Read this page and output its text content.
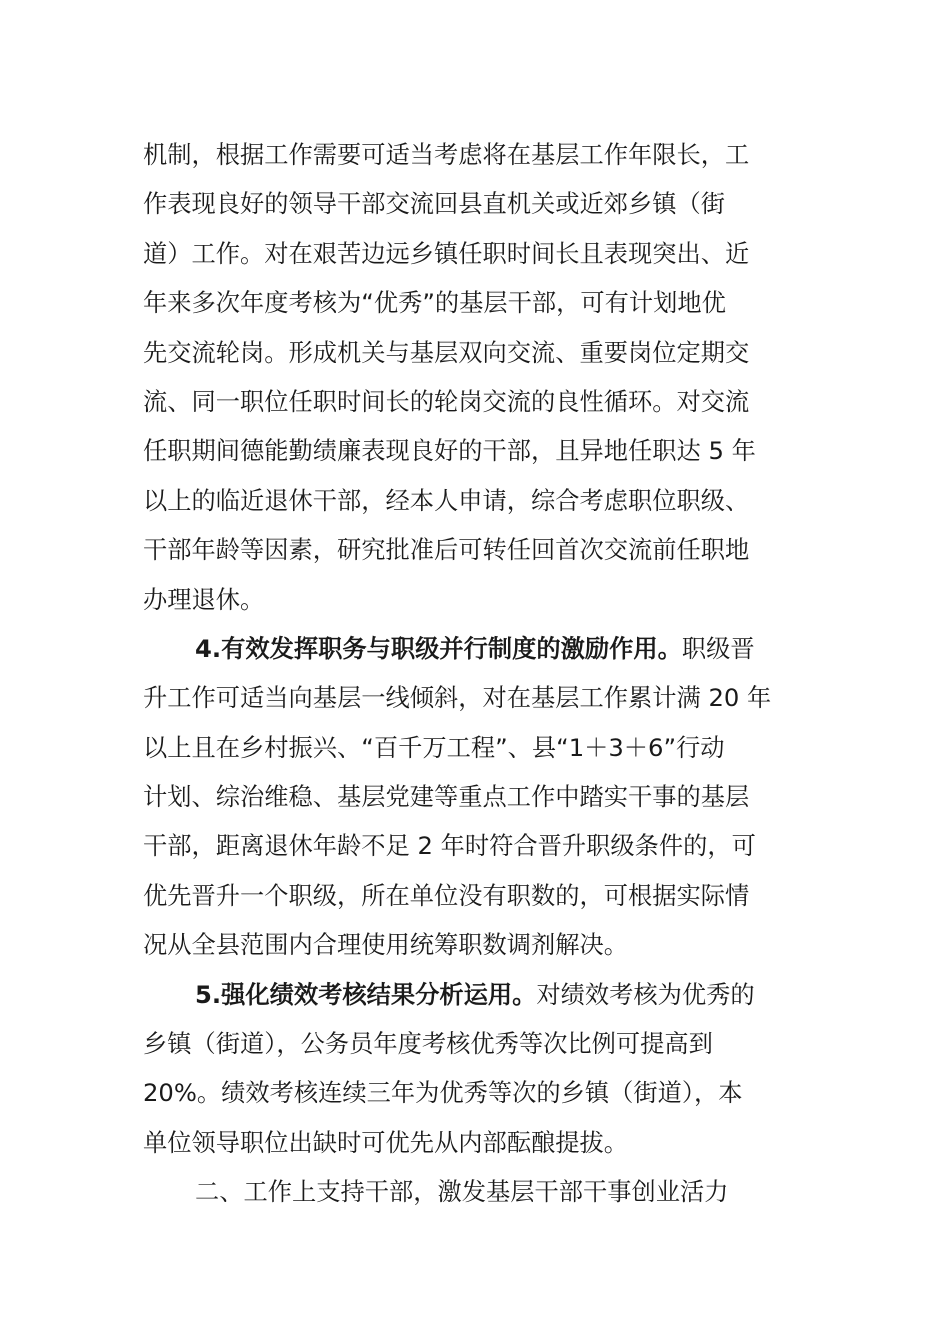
机制，根据工作需要可适当考虑将在基层工作年限长，工
作表现良好的领导干部交流回县直机关或近郊乡镇（街
道）工作。对在艰苦边远乡镇任职时间长且表现突出、近
年来多次年度考核为“优秀”的基层干部，可有计划地优
先交流轮岗。形成机关与基层双向交流、重要岗位定期交
流、同一职位任职时间长的轮岗交流的良性循环。对交流
任职期间德能勤绩廉表现良好的干部，且异地任职达 5 年
以上的临近退休干部，经本人申请，综合考虑职位职级、
干部年龄等因素，研究批准后可转任回首次交流前任职地
办理退休。
4.有效发挥职务与职级并行制度的激励作用。职级晋
升工作可适当向基层一线倾斜，对在基层工作累计满 20 年
以上且在乡村振兴、“百千万工程”、县“1＋3＋6”行动
计划、综治维稳、基层党建等重点工作中踏实干事的基层
干部，距离退休年龄不足 2 年时符合晋升职级条件的，可
优先晋升一个职级，所在单位没有职数的，可根据实际情
况从全县范围内合理使用统筹职数调剂解决。
5.强化绩效考核结果分析运用。对绩效考核为优秀的
乡镇（街道），公务员年度考核优秀等次比例可提高到
20%。绩效考核连续三年为优秀等次的乡镇（街道），本
单位领导职位出缺时可优先从内部酝酿提拔。
二、工作上支持干部，激发基层干部干事创业活力
